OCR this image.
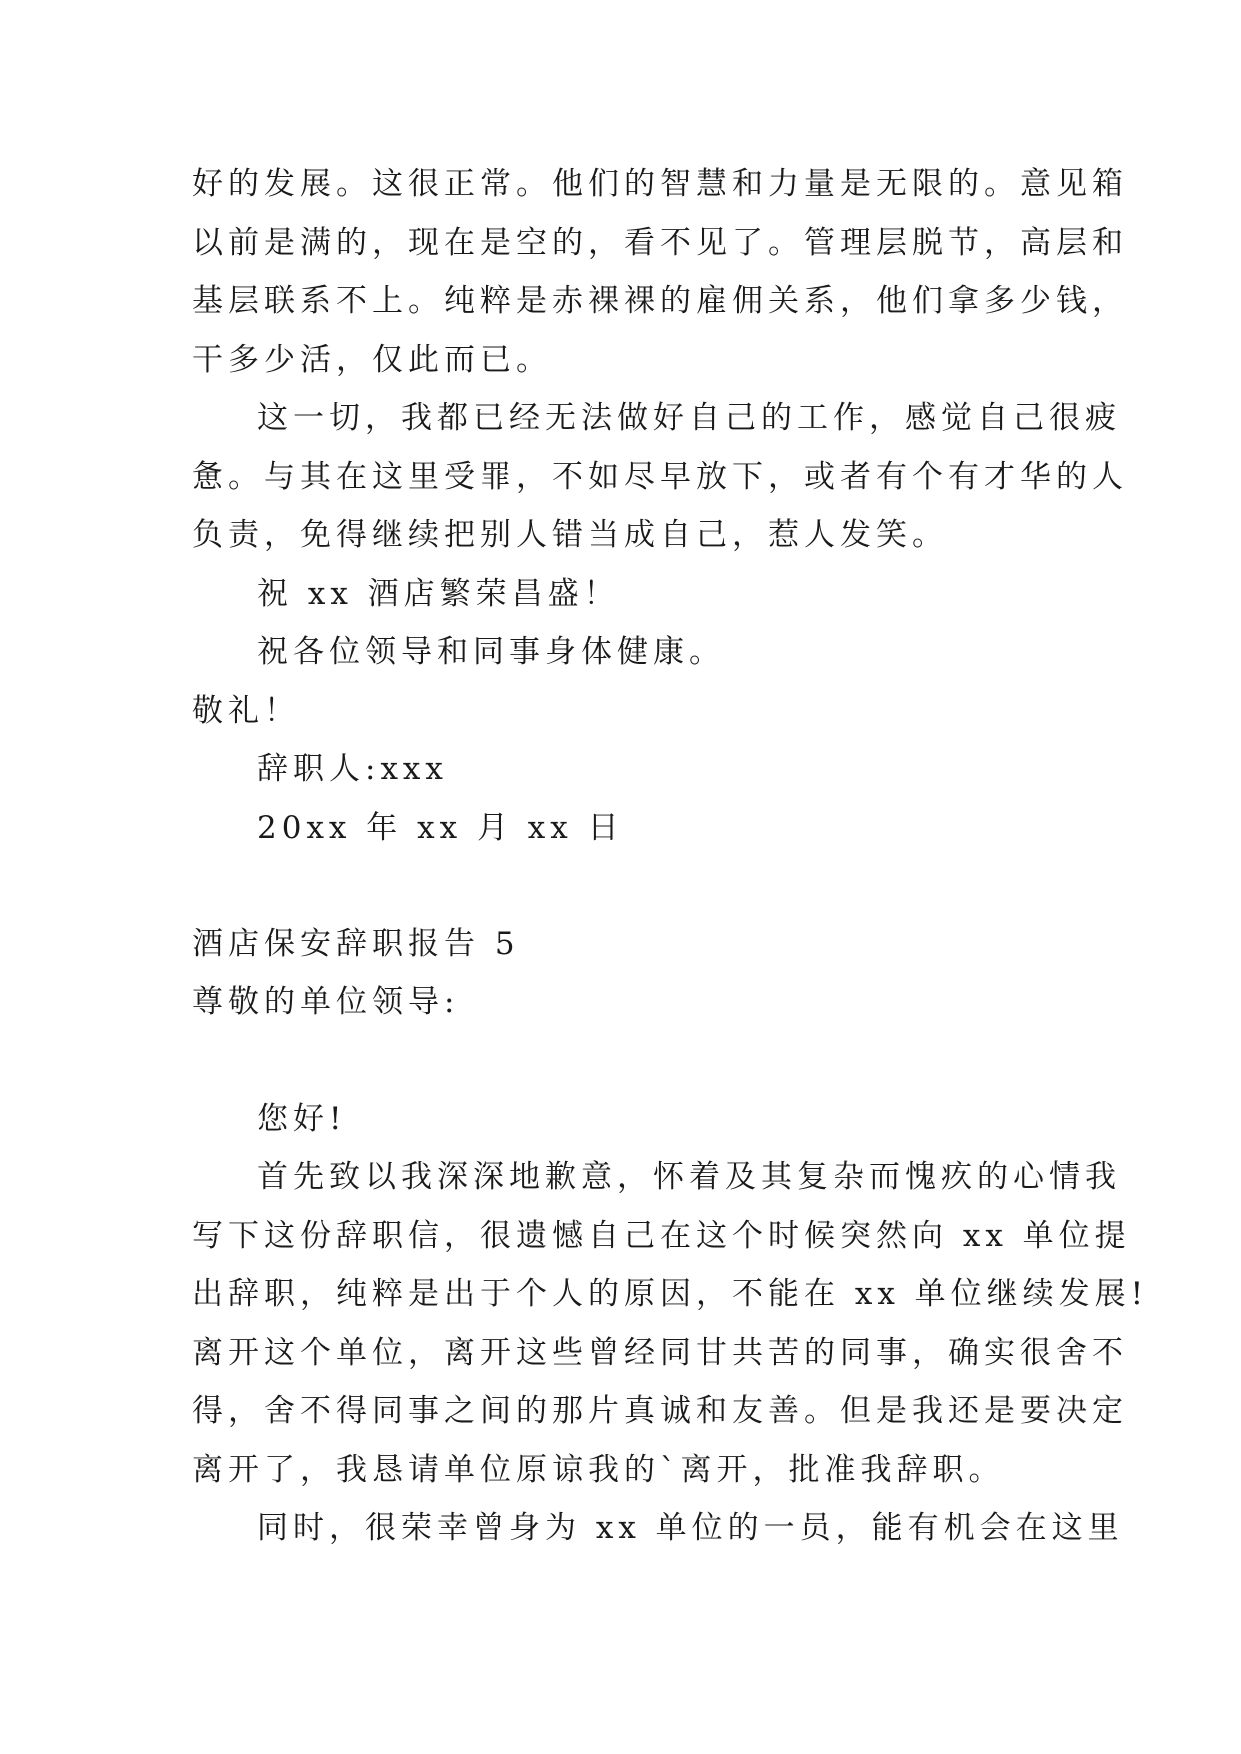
好的发展。这很正常。他们的智慧和力量是无限的。意见箱

以前是满的，现在是空的，看不见了。管理层脱节，高层和

基层联系不上。纯粹是赤裸裸的雇佣关系，他们拿多少钱，

干多少活，仅此而已。

这一切，我都已经无法做好自己的工作，感觉自己很疲

惫。与其在这里受罪，不如尽早放下，或者有个有才华的人

负责，免得继续把别人错当成自己，惹人发笑。

祝 xx 酒店繁荣昌盛！

祝各位领导和同事身体健康。

敬礼！

辞职人:xxx

20xx 年 xx 月 xx 日

酒店保安辞职报告 5

尊敬的单位领导:

您好!

首先致以我深深地歉意，怀着及其复杂而愧疚的心情我

写下这份辞职信，很遗憾自己在这个时候突然向 xx 单位提

出辞职，纯粹是出于个人的原因，不能在 xx 单位继续发展!

离开这个单位，离开这些曾经同甘共苦的同事，确实很舍不

得，舍不得同事之间的那片真诚和友善。但是我还是要决定

离开了，我恳请单位原谅我的`离开，批准我辞职。

同时，很荣幸曾身为 xx 单位的一员，能有机会在这里
